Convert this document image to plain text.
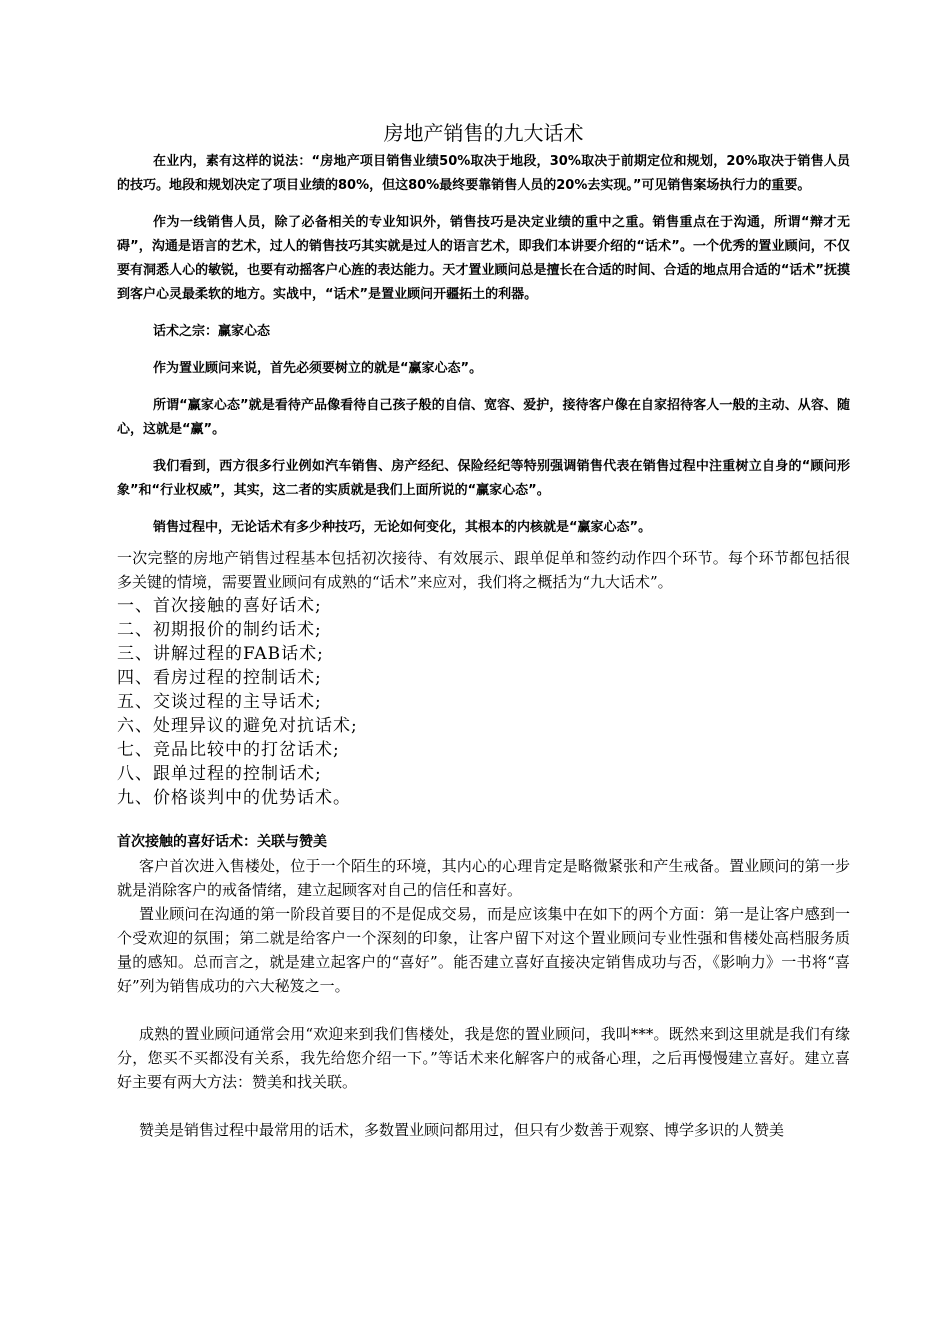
房地产销售的九大话术

在业内，素有这样的说法：“房地产项目销售业绩50%取决于地段，30%取决于前期定位和规划，20%取决于销售人员的技巧。地段和规划决定了项目业绩的80%，但这80%最终要靠销售人员的20%去实现。”可见销售案场执行力的重要。

作为一线销售人员，除了必备相关的专业知识外，销售技巧是决定业绩的重中之重。销售重点在于沟通，所谓“辩才无碍”，沟通是语言的艺术，过人的销售技巧其实就是过人的语言艺术，即我们本讲要介绍的“话术”。一个优秀的置业顾问，不仅要有洞悉人心的敏锐，也要有动摇客户心旌的表达能力。天才置业顾问总是擅长在合适的时间、合适的地点用合适的“话术”抚摸到客户心灵最柔软的地方。实战中，“话术”是置业顾问开疆拓土的利器。

话术之宗：赢家心态

作为置业顾问来说，首先必须要树立的就是“赢家心态”。

所谓“赢家心态”就是看待产品像看待自己孩子般的自信、宽容、爱护，接待客户像在自家招待客人一般的主动、从容、随心，这就是“赢”。

我们看到，西方很多行业例如汽车销售、房产经纪、保险经纪等特别强调销售代表在销售过程中注重树立自身的“顾问形象”和“行业权威”，其实，这二者的实质就是我们上面所说的“赢家心态”。

销售过程中，无论话术有多少种技巧，无论如何变化，其根本的内核就是“赢家心态”。

一次完整的房地产销售过程基本包括初次接待、有效展示、跟单促单和签约动作四个环节。每个环节都包括很多关键的情境，需要置业顾问有成熟的“话术”来应对，我们将之概括为“九大话术”。

一、首次接触的喜好话术;
二、初期报价的制约话术;
三、讲解过程的FAB话术;
四、看房过程的控制话术;
五、交谈过程的主导话术;
六、处理异议的避免对抗话术;
七、竞品比较中的打岔话术;
八、跟单过程的控制话术;
九、价格谈判中的优势话术。
首次接触的喜好话术：关联与赞美

客户首次进入售楼处，位于一个陌生的环境，其内心的心理肯定是略微紧张和产生戒备。置业顾问的第一步就是消除客户的戒备情绪，建立起顾客对自己的信任和喜好。

置业顾问在沟通的第一阶段首要目的不是促成交易，而是应该集中在如下的两个方面：第一是让客户感到一个受欢迎的氛围；第二就是给客户一个深刻的印象，让客户留下对这个置业顾问专业性强和售楼处高档服务质量的感知。总而言之，就是建立起客户的“喜好”。能否建立喜好直接决定销售成功与否，《影响力》一书将“喜好”列为销售成功的六大秘笈之一。

成熟的置业顾问通常会用“欢迎来到我们售楼处，我是您的置业顾问，我叫***。既然来到这里就是我们有缘分，您买不买都没有关系，我先给您介绍一下。”等话术来化解客户的戒备心理，之后再慢慢建立喜好。建立喜好主要有两大方法：赞美和找关联。

赞美是销售过程中最常用的话术，多数置业顾问都用过，但只有少数善于观察、博学多识的人赞美
